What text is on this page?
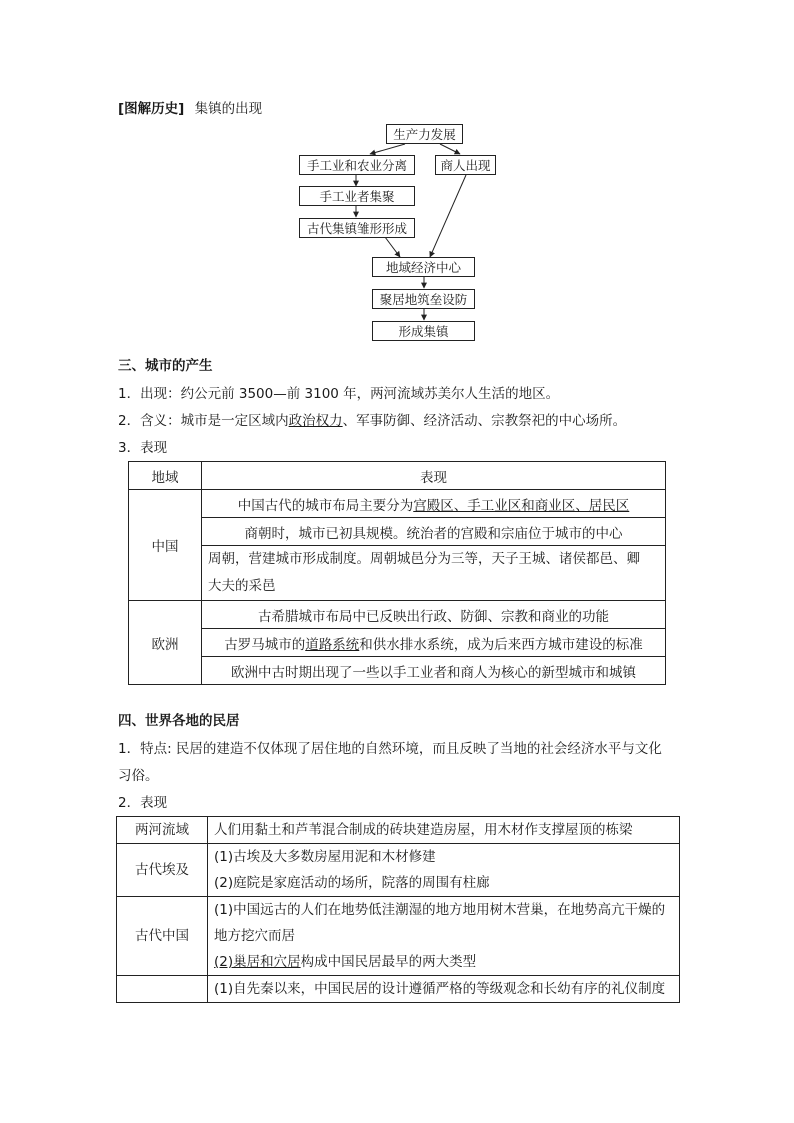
[图解历史] 集镇的出现
生产力发展
手工业和农业分离	商人出现
手工业者集聚
古代集镇雏形形成
地域经济中心
聚居地筑垒设防
形成集镇
三、城市的产生
1．出现：约公元前 3500—前 3100 年，两河流域苏美尔人生活的地区。
2．含义：城市是一定区域内政治权力、军事防御、经济活动、宗教祭祀的中心场所。
3．表现
地域	表现
中国	中国古代的城市布局主要分为宫殿区、手工业区和商业区、居民区
	商朝时，城市已初具规模。统治者的宫殿和宗庙位于城市的中心
	周朝，营建城市形成制度。周朝城邑分为三等，天子王城、诸侯都邑、卿
大夫的采邑
欧洲	古希腊城市布局中已反映出行政、防御、宗教和商业的功能
	古罗马城市的道路系统和供水排水系统，成为后来西方城市建设的标准
	欧洲中古时期出现了一些以手工业者和商人为核心的新型城市和城镇
四、世界各地的民居
1．特点: 民居的建造不仅体现了居住地的自然环境，而且反映了当地的社会经济水平与文化
习俗。
2．表现
两河流域	人们用黏土和芦苇混合制成的砖块建造房屋，用木材作支撑屋顶的栋梁
古代埃及	(1)古埃及大多数房屋用泥和木材修建
(2)庭院是家庭活动的场所，院落的周围有柱廊
古代中国	(1)中国远古的人们在地势低洼潮湿的地方地用树木营巢，在地势高亢干燥的
地方挖穴而居
(2)巢居和穴居构成中国民居最早的两大类型
	(1)自先秦以来，中国民居的设计遵循严格的等级观念和长幼有序的礼仪制度
